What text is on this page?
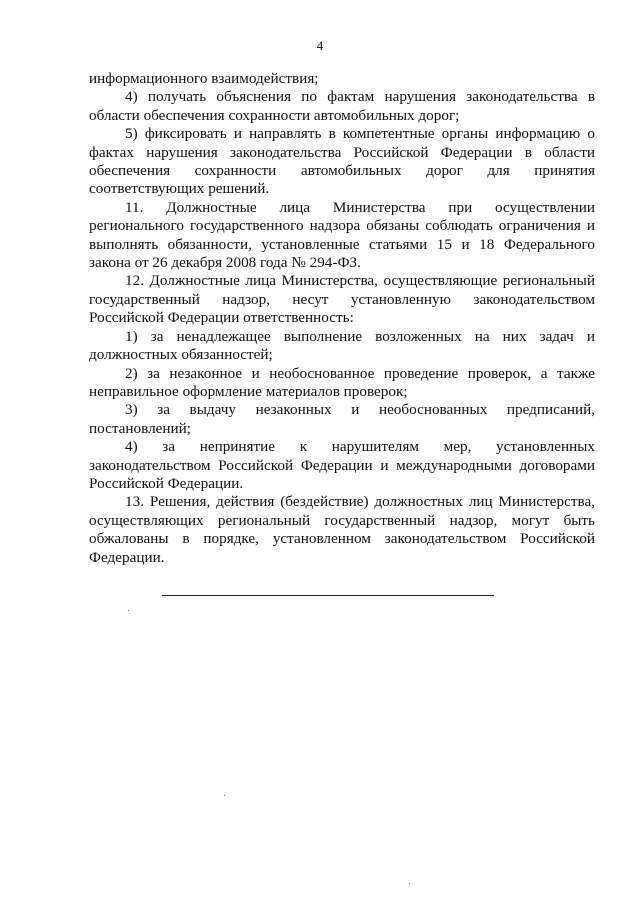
4

информационного взаимодействия;

4) получать объяснения по фактам нарушения законодательства в области обеспечения сохранности автомобильных дорог;

5) фиксировать и направлять в компетентные органы информацию о фактах нарушения законодательства Российской Федерации в области обеспечения сохранности автомобильных дорог для принятия соответствующих решений.

11. Должностные лица Министерства при осуществлении регионального государственного надзора обязаны соблюдать ограничения и выполнять обязанности, установленные статьями 15 и 18 Федерального закона от 26 декабря 2008 года № 294-ФЗ.

12. Должностные лица Министерства, осуществляющие региональный государственный надзор, несут установленную законодательством Российской Федерации ответственность:

1) за ненадлежащее выполнение возложенных на них задач и должностных обязанностей;

2) за незаконное и необоснованное проведение проверок, а также неправильное оформление материалов проверок;

3) за выдачу незаконных и необоснованных предписаний, постановлений;

4) за непринятие к нарушителям мер, установленных законодательством Российской Федерации и международными договорами Российской Федерации.

13. Решения, действия (бездействие) должностных лиц Министерства, осуществляющих региональный государственный надзор, могут быть обжалованы в порядке, установленном законодательством Российской Федерации.
